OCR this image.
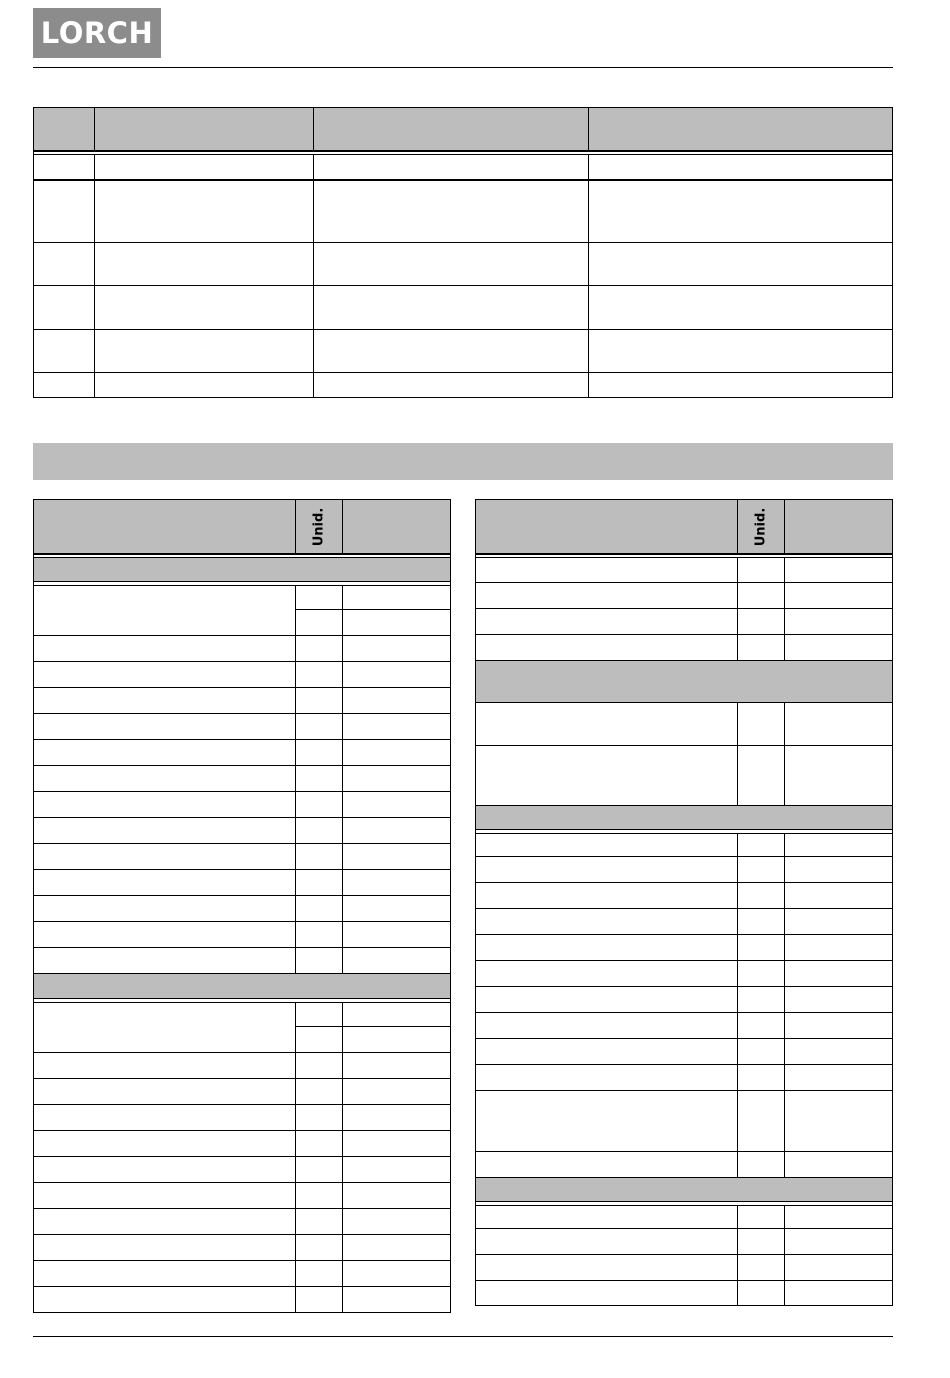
LORCH
Unid.	Unid.
